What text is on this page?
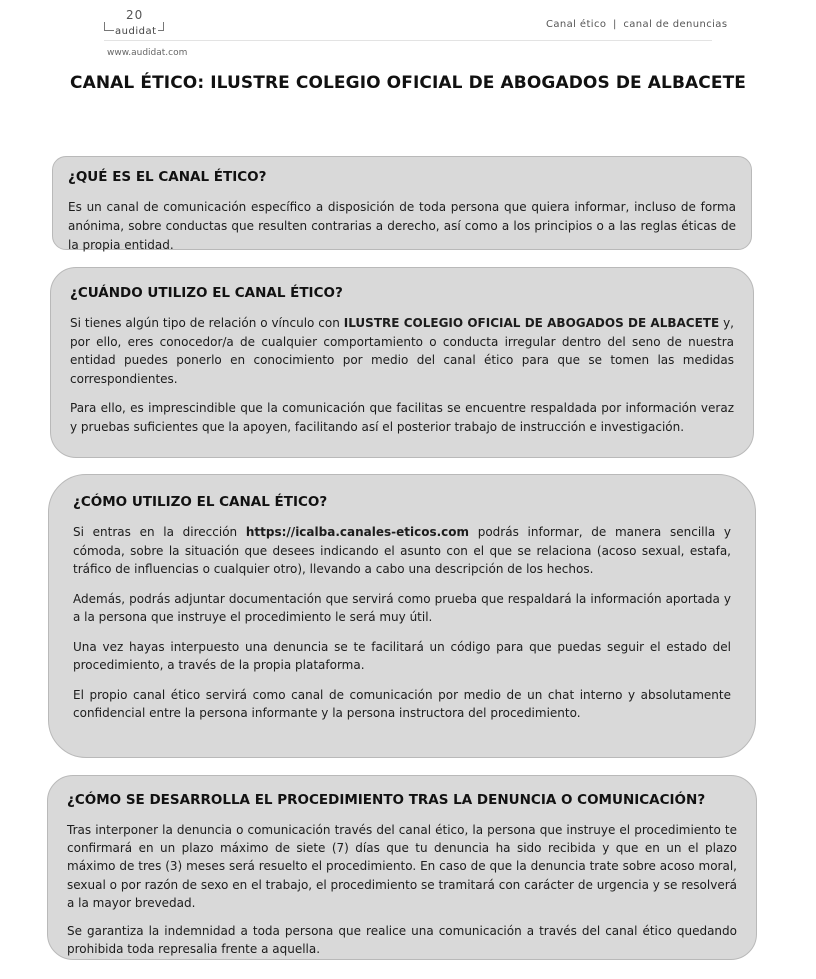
20
audidat
Canal ético | canal de denuncias
www.audidat.com
CANAL ÉTICO: ILUSTRE COLEGIO OFICIAL DE ABOGADOS DE ALBACETE
¿QUÉ ES EL CANAL ÉTICO?

Es un canal de comunicación específico a disposición de toda persona que quiera informar, incluso de forma anónima, sobre conductas que resulten contrarias a derecho, así como a los principios o a las reglas éticas de la propia entidad.

¿CUÁNDO UTILIZO EL CANAL ÉTICO?

Si tienes algún tipo de relación o vínculo con ILUSTRE COLEGIO OFICIAL DE ABOGADOS DE ALBACETE y, por ello, eres conocedor/a de cualquier comportamiento o conducta irregular dentro del seno de nuestra entidad puedes ponerlo en conocimiento por medio del canal ético para que se tomen las medidas correspondientes.

Para ello, es imprescindible que la comunicación que facilitas se encuentre respaldada por información veraz y pruebas suficientes que la apoyen, facilitando así el posterior trabajo de instrucción e investigación.

¿CÓMO UTILIZO EL CANAL ÉTICO?

Si entras en la dirección https://icalba.canales-eticos.com podrás informar, de manera sencilla y cómoda, sobre la situación que desees indicando el asunto con el que se relaciona (acoso sexual, estafa, tráfico de influencias o cualquier otro), llevando a cabo una descripción de los hechos.

Además, podrás adjuntar documentación que servirá como prueba que respaldará la información aportada y a la persona que instruye el procedimiento le será muy útil.

Una vez hayas interpuesto una denuncia se te facilitará un código para que puedas seguir el estado del procedimiento, a través de la propia plataforma.

El propio canal ético servirá como canal de comunicación por medio de un chat interno y absolutamente confidencial entre la persona informante y la persona instructora del procedimiento.

¿CÓMO SE DESARROLLA EL PROCEDIMIENTO TRAS LA DENUNCIA O COMUNICACIÓN?

Tras interponer la denuncia o comunicación través del canal ético, la persona que instruye el procedimiento te confirmará en un plazo máximo de siete (7) días que tu denuncia ha sido recibida y que en un el plazo máximo de tres (3) meses será resuelto el procedimiento. En caso de que la denuncia trate sobre acoso moral, sexual o por razón de sexo en el trabajo, el procedimiento se tramitará con carácter de urgencia y se resolverá a la mayor brevedad.

Se garantiza la indemnidad a toda persona que realice una comunicación a través del canal ético quedando prohibida toda represalia frente a aquella.
